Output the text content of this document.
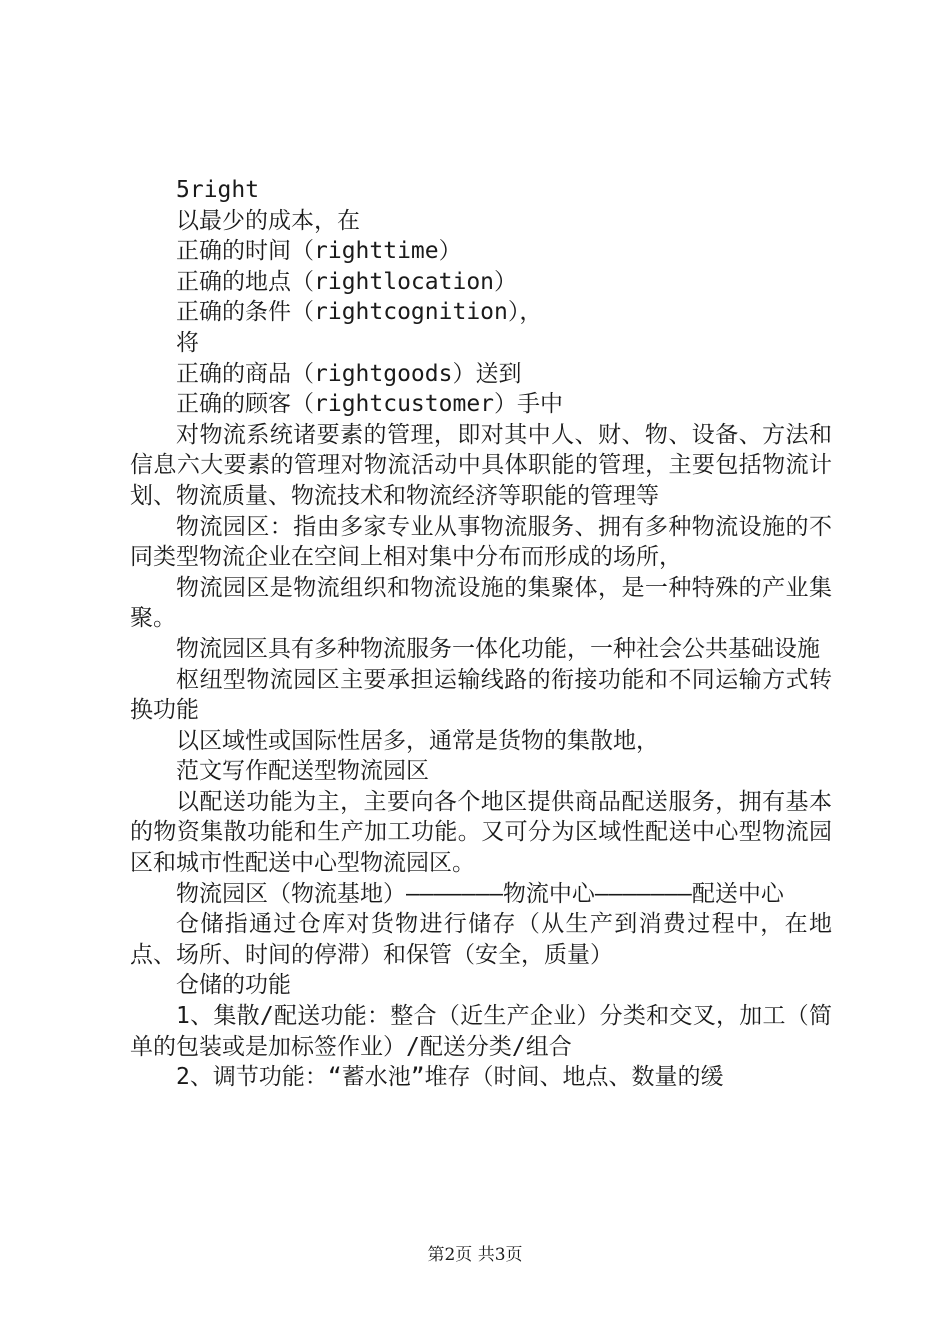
5right

以最少的成本，在

正确的时间（righttime）

正确的地点（rightlocation）

正确的条件（rightcognition），

将

正确的商品（rightgoods）送到

正确的顾客（rightcustomer）手中

对物流系统诸要素的管理，即对其中人、财、物、设备、方法和信息六大要素的管理对物流活动中具体职能的管理，主要包括物流计划、物流质量、物流技术和物流经济等职能的管理等

物流园区：指由多家专业从事物流服务、拥有多种物流设施的不同类型物流企业在空间上相对集中分布而形成的场所，

物流园区是物流组织和物流设施的集聚体，是一种特殊的产业集聚。

物流园区具有多种物流服务一体化功能，一种社会公共基础设施

枢纽型物流园区主要承担运输线路的衔接功能和不同运输方式转换功能

以区域性或国际性居多，通常是货物的集散地，

范文写作配送型物流园区

以配送功能为主，主要向各个地区提供商品配送服务，拥有基本的物资集散功能和生产加工功能。又可分为区域性配送中心型物流园区和城市性配送中心型物流园区。

物流园区（物流基地）———————物流中心———————配送中心

仓储指通过仓库对货物进行储存（从生产到消费过程中，在地点、场所、时间的停滞）和保管（安全，质量）

仓储的功能

1、集散/配送功能：整合（近生产企业）分类和交叉，加工（简单的包装或是加标签作业）/配送分类/组合

2、调节功能：“蓄水池”堆存（时间、地点、数量的缓

第2页 共3页
